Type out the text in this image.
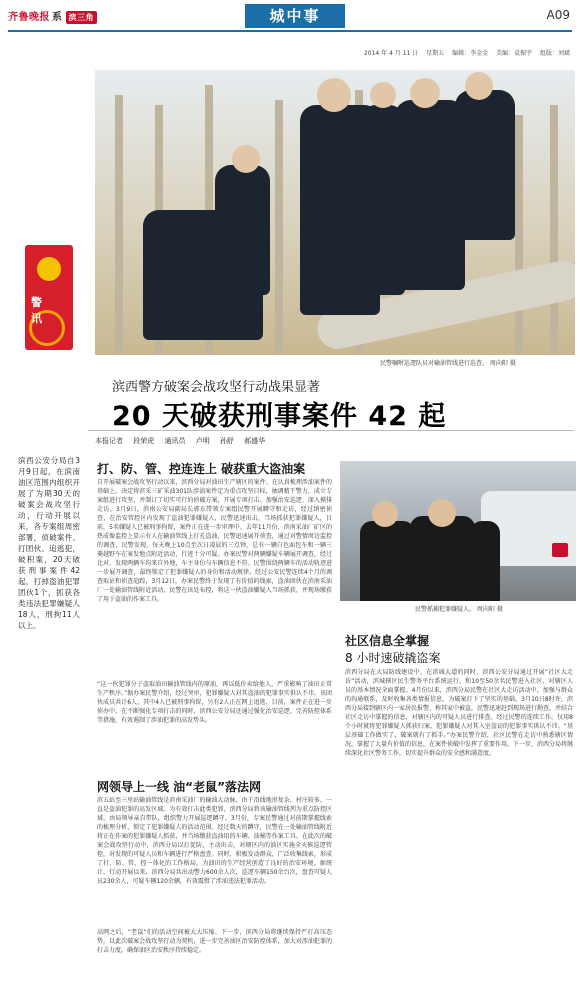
齐鲁晚报 系 滨三角	城中事	A09
2014 年 4 月 11 日 星期五 编辑：李金金 美编：袁振宇 组版：刘斌
民警嘱咐巡逻队员对输油管线进行巡查。 周向阳 摄
警
讯
滨西警方破案会战攻坚行动战果显著
20 天破获刑事案件 42 起
本报记者 段荣虎 通讯员 卢明 孙舒 郝盛华
滨西公安分局自3月9日起，在滨南油区范围内组织开展了为期30天的破案会战攻坚行动，行动开展以来，各专案组周密部署，侦破案件、打团伙、追逃犯，破积案，20天破获刑事案件42起，打掉盗油犯罪团伙1个，抓获各类违法犯罪嫌疑人18人，刑拘11人以上。
打、防、管、控连连上 破获重大盗油案
自开展破案会战攻坚行动以来，滨西分局对油田生产辖区的案件、在认真梳理涉油案件的基础上，决定将滨采三矿采油301队涉油案件定为重点攻坚目标，抽调精干警力，成立专案组进行攻坚，并制订了切实可行的侦破方案，开展专项打击、加强治安巡逻、深入摸排走访。3月9日，滨南公安局副局长郭东带领专案组民警开展蹲守和走访，经过缜密侦查，在治安管控区内发现了盗油犯罪嫌疑人，民警迅速出击，当场抓获犯罪嫌疑人，目前，5名嫌疑人已被刑事拘留，案件正在进一步审理中。去年11月份，滨南采油厂矿区的热成像监控上显示有人在输油管线上打孔盗油，民警迅速展开侦查，通过对警情周边监控的调查，民警发现，每天晚上10点至次日凌晨的三点钟，总有一辆白色面包车和一辆三菱越野车在案发地点附近活动，行迹十分可疑。办案民警对两辆嫌疑车辆展开调查，经过比对，发现两辆车均来自外地，车主身份与车辆信息不符。民警围绕两辆车的活动轨迹进一步展开调查，最终锁定了犯罪嫌疑人的身份和活动规律。经过公安民警连续4个月的调查取证和侦查追踪，3月12日，办案民警终于发现了有价值的线索，盗油团伙在滨南采油厂一处输油管线附近活动，民警在该处布控，将这一伙盗油嫌疑人当场抓获，并现场缴获了用于盗油的作案工具。
“这一伙犯罪分子盗取油田输油管线内的原油，再以低价卖给他人，严重影响了油田正常生产秩序。”据办案民警介绍，经过突审，犯罪嫌疑人对其盗油的犯罪事实供认不讳，该团伙成员共计6人，其中4人已被刑事拘留，另有2人正在网上追逃，目前，案件正在进一步侦办中。在不断强化专项打击的同时，滨西公安分局还通过强化治安巡逻、完善防控体系等措施，有效遏制了涉油犯罪的高发势头。
网领导上一线 油“老鼠”落法网
滨五站至三里站输油管线是滨南采油厂的输油大动脉，由于沿线地形复杂，村庄较多，一直是盗油犯罪的高发区域。为有效打击此类犯罪，滨西分局将该输油管线列为重点防控区域，由局领导亲自带队，组织警力开展巡逻蹲守。3月份，专案民警通过对前期掌握线索的梳理分析，锁定了犯罪嫌疑人的活动范围。经过数天的蹲守，民警在一处输油管线附近将正在作案的犯罪嫌疑人抓获，并当场缴获盗油用的车辆、油桶等作案工具。在此次的破案会战攻坚行动中，滨西分局以打促防，主动出击，对辖区内的油区实施全天候巡逻管控，对发现的可疑人员和车辆进行严格盘查。同时，积极发动群众，广泛收集线索，形成了打、防、管、控一体化的工作格局，为油田的生产经营创造了良好的治安环境。据统计，行动开展以来，滨西分局共出动警力600余人次，巡逻车辆150余台次，盘查可疑人员230余人，可疑车辆120余辆，有效震慑了涉油违法犯罪活动。
高网之后，“老鼠”们的活动空间被大大压缩。下一步，滨西分局将继续保持严打高压态势，以此次破案会战攻坚行动为契机，进一步完善油区治安防控体系，加大对涉油犯罪的打击力度，确保油区治安秩序持续稳定。
民警抓捕犯罪嫌疑人。 周向阳 摄
社区信息全掌握
8 小时速破撬盗案
滨西分局在大局防线建设中，在滨城大道的同时，滨西公安分局通过开展“社区大走访”活动，滨城辖区民生警务平台系统运行，和10至50余名民警进入社区，对辖区人员的基本情况全面掌握。4月份以来，滨西分局民警在社区大走访活动中，加强与群众的沟通联系，及时收集各类情报信息，为破案打下了坚实的基础。3月10日8时许，滨西分局接到辖区内一家居民报警，称其家中被盗，民警迅速赶到现场进行勘查，并结合社区走访中掌握的信息，对辖区内的可疑人员进行排查。经过民警的连续工作，仅用8个小时就将犯罪嫌疑人抓获归案，犯罪嫌疑人对其入室盗窃的犯罪事实供认不讳。“基层基础工作做实了，破案就有了抓手。”办案民警介绍，社区民警在走访中熟悉辖区情况，掌握了大量有价值的信息，在案件侦破中发挥了重要作用。下一步，滨西分局将继续深化社区警务工作，切实提升群众的安全感和满意度。
